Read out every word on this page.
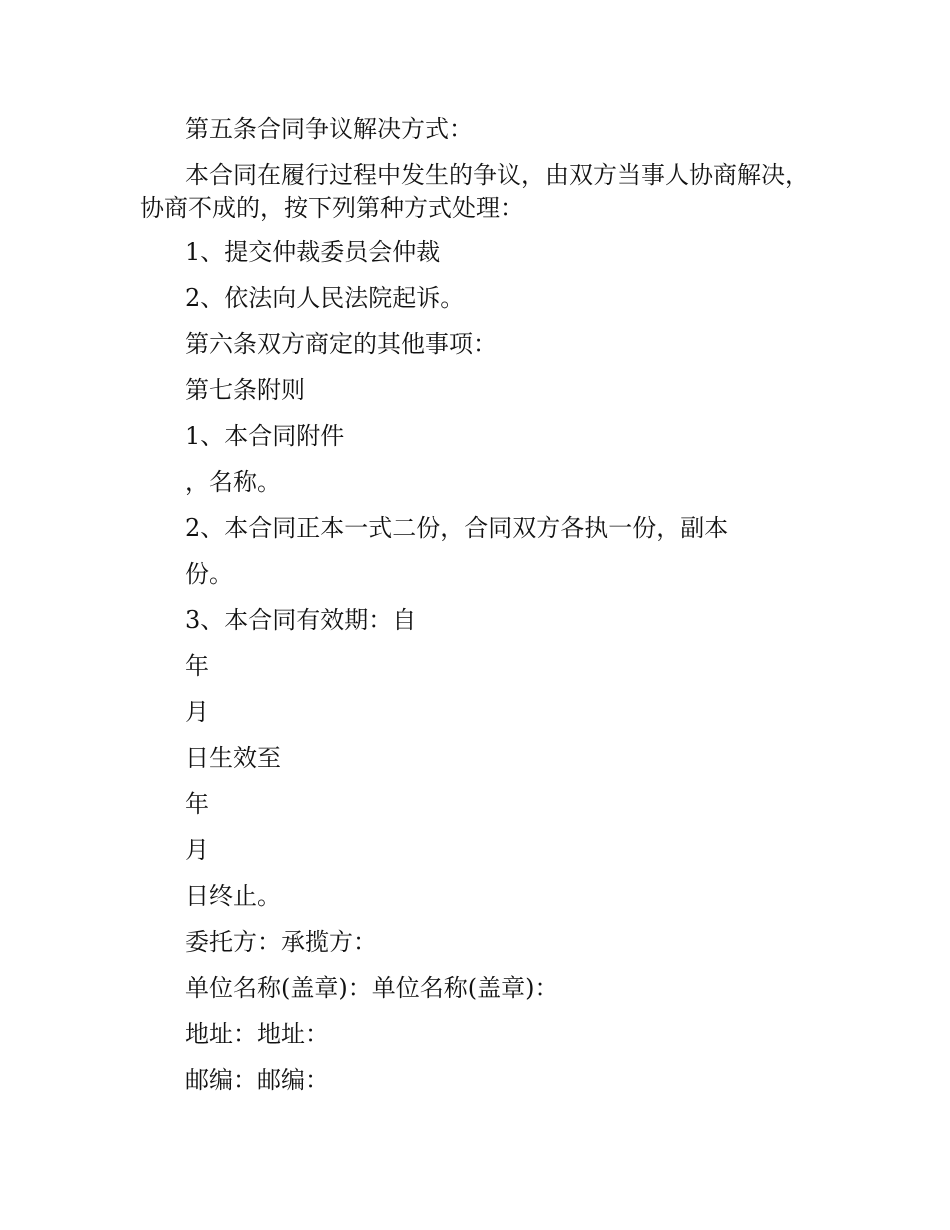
第五条合同争议解决方式：

本合同在履行过程中发生的争议，由双方当事人协商解决，

协商不成的，按下列第种方式处理：

1、提交仲裁委员会仲裁

2、依法向人民法院起诉。

第六条双方商定的其他事项：

第七条附则

1、本合同附件

，名称。

2、本合同正本一式二份，合同双方各执一份，副本

份。

3、本合同有效期：自

年

月

日生效至

年

月

日终止。

委托方：承揽方：

单位名称(盖章)：单位名称(盖章)：

地址：地址：

邮编：邮编：
